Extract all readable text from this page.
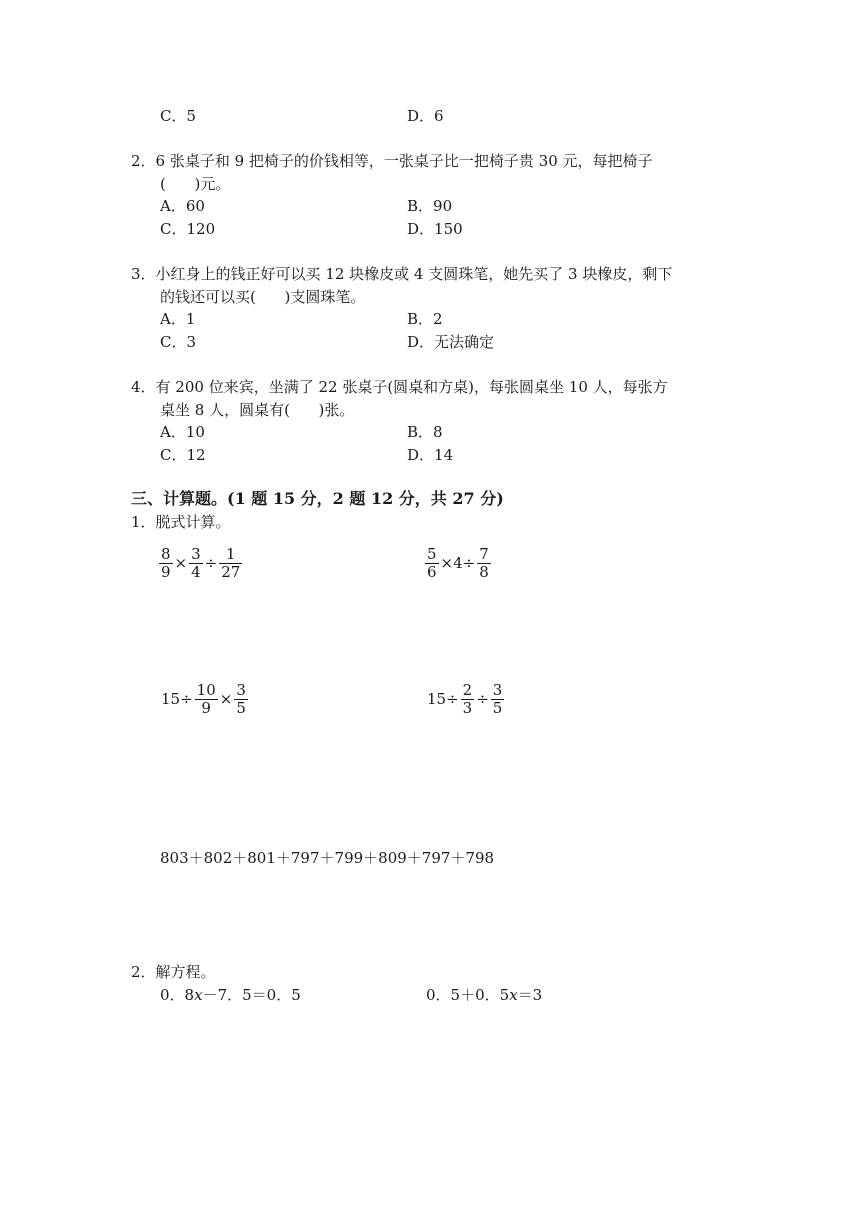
C．5	D．6
2．6 张桌子和 9 把椅子的价钱相等，一张桌子比一把椅子贵 30 元，每把椅子
(      )元。
A．60	B．90
C．120	D．150
3．小红身上的钱正好可以买 12 块橡皮或 4 支圆珠笔，她先买了 3 块橡皮，剩下
的钱还可以买(      )支圆珠笔。
A．1	B．2
C．3	D．无法确定
4．有 200 位来宾，坐满了 22 张桌子(圆桌和方桌)，每张圆桌坐 10 人，每张方
桌坐 8 人，圆桌有(      )张。
A．10	B．8
C．12	D．14
三、计算题。(1 题 15 分，2 题 12 分，共 27 分)
1．脱式计算。
$\frac{8}{9} \times \frac{3}{4} \div \frac{1}{27}$	$\frac{5}{6} \times 4\div \frac{7}{8}$
$15\div \frac{10}{9} \times \frac{3}{5}$	$15\div \frac{2}{3} \div \frac{3}{5}$
803＋802＋801＋797＋799＋809＋797＋798
2．解方程。
0．8x－7．5＝0．5	0．5＋0．5x＝3
